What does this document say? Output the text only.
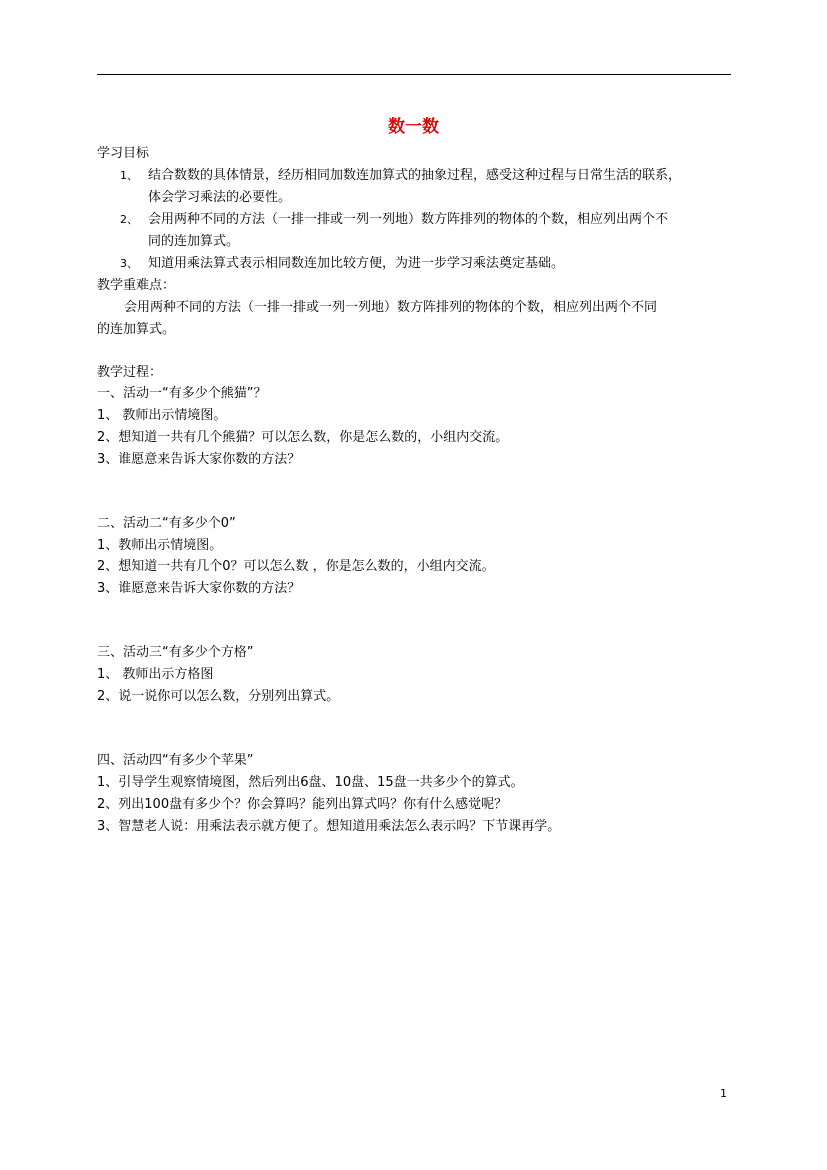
数一数
学习目标
1、 结合数数的具体情景，经历相同加数连加算式的抽象过程，感受这种过程与日常生活的联系，
体会学习乘法的必要性。
2、 会用两种不同的方法（一排一排或一列一列地）数方阵排列的物体的个数，相应列出两个不
同的连加算式。
3、 知道用乘法算式表示相同数连加比较方便，为进一步学习乘法奠定基础。
教学重难点：
会用两种不同的方法（一排一排或一列一列地）数方阵排列的物体的个数，相应列出两个不同
的连加算式。
教学过程：
一、活动一“有多少个熊猫”？
1、 教师出示情境图。
2、想知道一共有几个熊猫？可以怎么数，你是怎么数的，小组内交流。
3、谁愿意来告诉大家你数的方法？
二、活动二“有多少个0”
1、教师出示情境图。
2、想知道一共有几个0？可以怎么数 ，你是怎么数的，小组内交流。
3、谁愿意来告诉大家你数的方法？
三、活动三“有多少个方格”
1、 教师出示方格图
2、说一说你可以怎么数，分别列出算式。
四、活动四“有多少个苹果”
1、引导学生观察情境图，然后列出6盘、10盘、15盘一共多少个的算式。
2、列出100盘有多少个？你会算吗？能列出算式吗？你有什么感觉呢？
3、智慧老人说：用乘法表示就方便了。想知道用乘法怎么表示吗？下节课再学。
1
